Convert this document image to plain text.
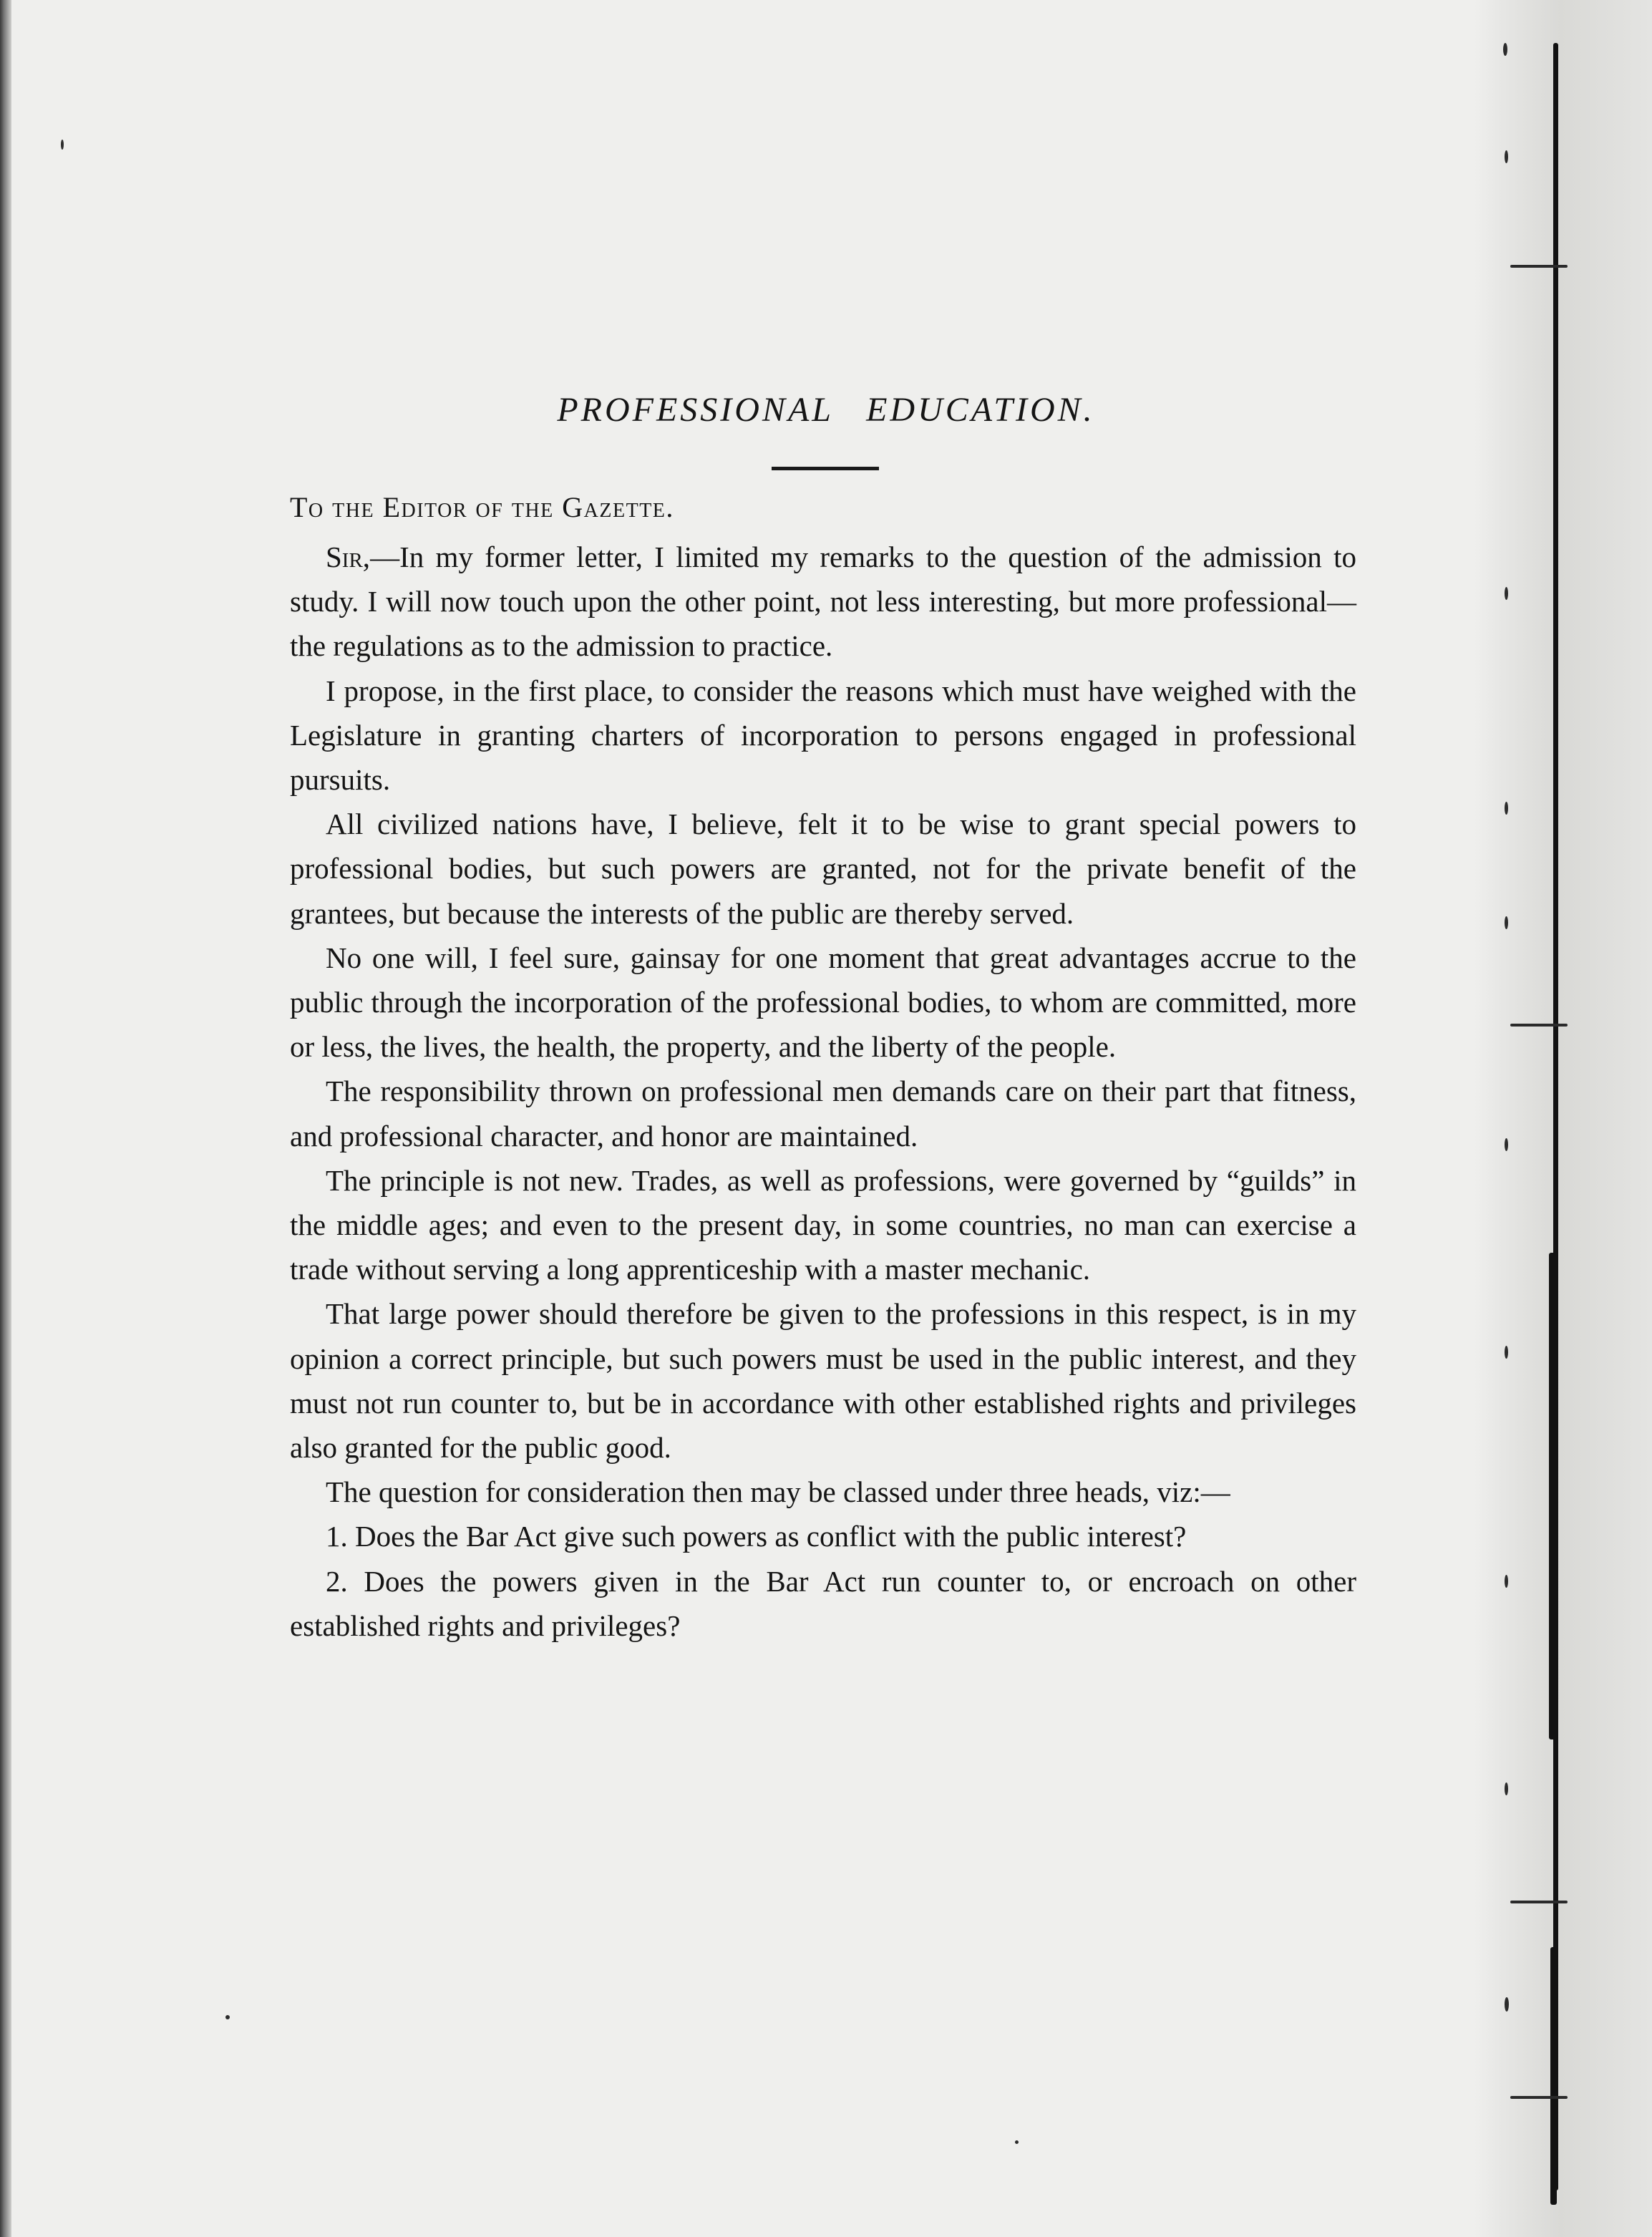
PROFESSIONAL EDUCATION.
To the Editor of the Gazette.

Sir,—In my former letter, I limited my remarks to the question of the admission to study. I will now touch upon the other point, not less interesting, but more professional—the regulations as to the admission to practice.

I propose, in the first place, to consider the reasons which must have weighed with the Legislature in granting charters of incorporation to persons engaged in professional pursuits.

All civilized nations have, I believe, felt it to be wise to grant special powers to professional bodies, but such powers are granted, not for the private benefit of the grantees, but because the interests of the public are thereby served.

No one will, I feel sure, gainsay for one moment that great advantages accrue to the public through the incorporation of the professional bodies, to whom are committed, more or less, the lives, the health, the property, and the liberty of the people.

The responsibility thrown on professional men demands care on their part that fitness, and professional character, and honor are maintained.

The principle is not new. Trades, as well as professions, were governed by “guilds” in the middle ages; and even to the present day, in some countries, no man can exercise a trade without serving a long apprenticeship with a master mechanic.

That large power should therefore be given to the professions in this respect, is in my opinion a correct principle, but such powers must be used in the public interest, and they must not run counter to, but be in accordance with other established rights and privileges also granted for the public good.

The question for consideration then may be classed under three heads, viz:—

1. Does the Bar Act give such powers as conflict with the public interest?

2. Does the powers given in the Bar Act run counter to, or encroach on other established rights and privileges?
